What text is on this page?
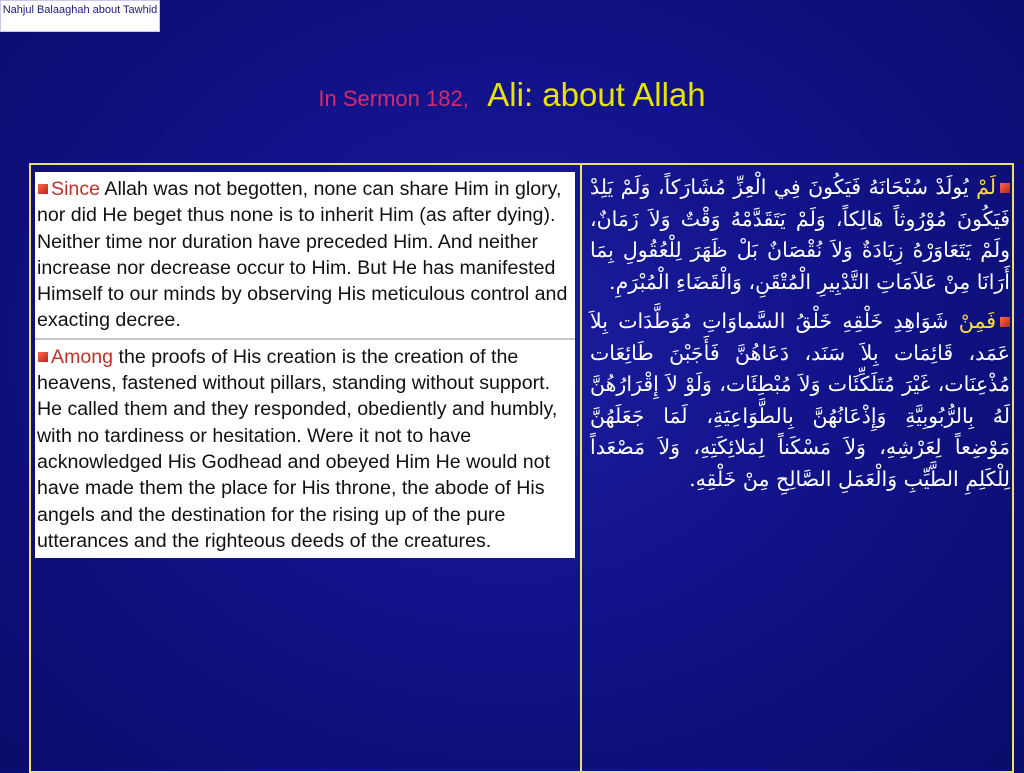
Nahjul Balaaghah about Tawhid
In Sermon 182, Ali: about Allah

Since Allah was not begotten, none can share Him in glory, nor did He beget thus none is to inherit Him (as after dying). Neither time nor duration have preceded Him. And neither increase nor decrease occur to Him. But He has manifested Himself to our minds by observing His meticulous control and exacting decree.

Among the proofs of His creation is the creation of the heavens, fastened without pillars, standing without support. He called them and they responded, obediently and humbly, with no tardiness or hesitation. Were it not to have acknowledged His Godhead and obeyed Him He would not have made them the place for His throne, the abode of His angels and the destination for the rising up of the pure utterances and the righteous deeds of the creatures.

لَمْ يُولَدْ سُبْحَانَهُ فَيَكُونَ فِي الْعِزِّ مُشَارَكاً، وَلَمْ يَلِدْ فَيَكُونَ مُوْرُوثاً هَالِكاً، وَلَمْ يَتَقَدَّمْهُ وَقْتٌ وَلاَ زَمَانٌ، ولَمْ يَتَعَاوَرْهُ زِيَادَةٌ وَلاَ نُقْصَانٌ بَلْ ظَهَرَ لِلْعُقُولِ بِمَا أَرَانَا مِنْ عَلاَمَاتِ التَّدْبِيرِ الْمُتْقَنِ، وَالْقَضَاءِ الْمُبْرَمِ.

فَمِنْ شَوَاهِدِ خَلْقِهِ خَلْقُ السَّماوَاتِ مُوَطَّدَات بِلاَ عَمَد، قَائِمَات بِلاَ سَنَد، دَعَاهُنَّ فَأَجَبْنَ طَائِعَات مُذْعِنَات، غَيْرَ مُتَلَكِّئَات وَلاَ مُبْطِئَات، وَلَوْ لاَ إِقْرَارُهُنَّ لَهُ بِالرُّبُوبِيَّةِ وَإِذْعَانُهُنَّ بِالطَّوَاعِيَةِ، لَمَا جَعَلَهُنَّ مَوْضِعاً لِعَرْشِهِ، وَلاَ مَسْكَناً لِمَلائِكَتِهِ، وَلاَ مَصْعَداً لِلْكَلِمِ الطَّيِّبِ وَالْعَمَلِ الصَّالِحِ مِنْ خَلْقِهِ.
